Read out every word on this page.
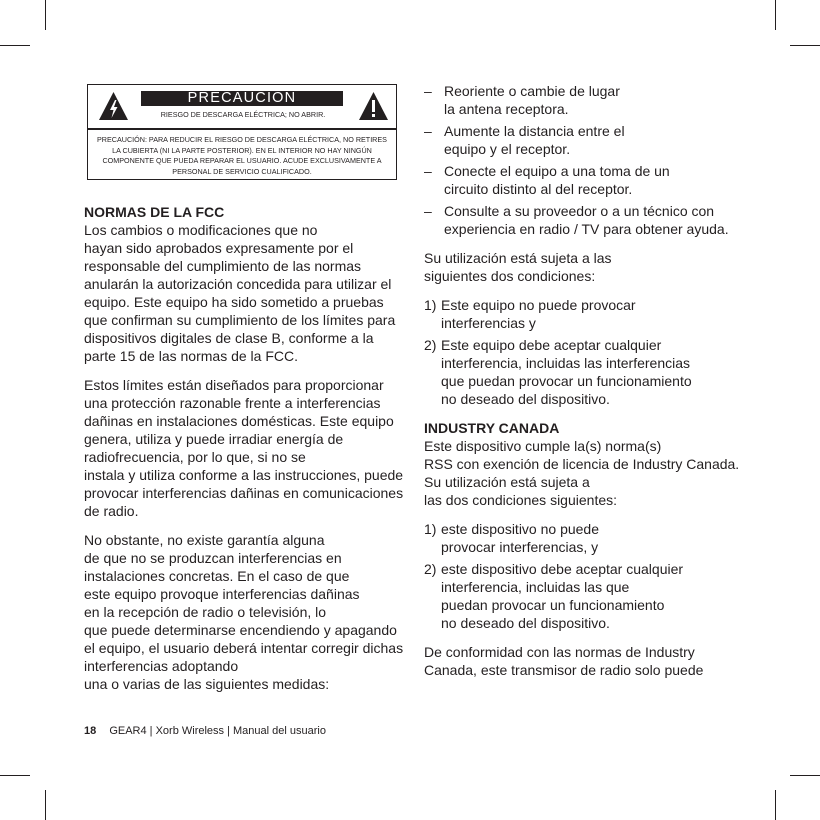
PRECAUCION
RIESGO DE DESCARGA ELÉCTRICA; NO ABRIR.
PRECAUCIÓN: PARA REDUCIR EL RIESGO DE DESCARGA ELÉCTRICA, NO RETIRES LA CUBIERTA (NI LA PARTE POSTERIOR). EN EL INTERIOR NO HAY NINGÚN COMPONENTE QUE PUEDA REPARAR EL USUARIO. ACUDE EXCLUSIVAMENTE A PERSONAL DE SERVICIO CUALIFICADO.
NORMAS DE LA FCC

Los cambios o modificaciones que no
hayan sido aprobados expresamente por el responsable del cumplimiento de las normas anularán la autorización concedida para utilizar el equipo. Este equipo ha sido sometido a pruebas que confirman su cumplimiento de los límites para dispositivos digitales de clase B, conforme a la parte 15 de las normas de la FCC.

Estos límites están diseñados para proporcionar una protección razonable frente a interferencias dañinas en instalaciones domésticas. Este equipo genera, utiliza y puede irradiar energía de radiofrecuencia, por lo que, si no se
instala y utiliza conforme a las instrucciones, puede provocar interferencias dañinas en comunicaciones de radio.

No obstante, no existe garantía alguna
de que no se produzcan interferencias en instalaciones concretas. En el caso de que
este equipo provoque interferencias dañinas
en la recepción de radio o televisión, lo
que puede determinarse encendiendo y apagando el equipo, el usuario deberá intentar corregir dichas interferencias adoptando
una o varias de las siguientes medidas:

– Reoriente o cambie de lugar
la antena receptora.
– Aumente la distancia entre el
equipo y el receptor.
– Conecte el equipo a una toma de un
circuito distinto al del receptor.
– Consulte a su proveedor o a un técnico con experiencia en radio / TV para obtener ayuda.

Su utilización está sujeta a las
siguientes dos condiciones:

1) Este equipo no puede provocar
interferencias y
2) Este equipo debe aceptar cualquier
interferencia, incluidas las interferencias
que puedan provocar un funcionamiento
no deseado del dispositivo.
INDUSTRY CANADA

Este dispositivo cumple la(s) norma(s)
RSS con exención de licencia de Industry Canada. Su utilización está sujeta a
las dos condiciones siguientes:

1) este dispositivo no puede
provocar interferencias, y
2) este dispositivo debe aceptar cualquier interferencia, incluidas las que
puedan provocar un funcionamiento
no deseado del dispositivo.

De conformidad con las normas de Industry Canada, este transmisor de radio solo puede

18 GEAR4 | Xorb Wireless | Manual del usuario
